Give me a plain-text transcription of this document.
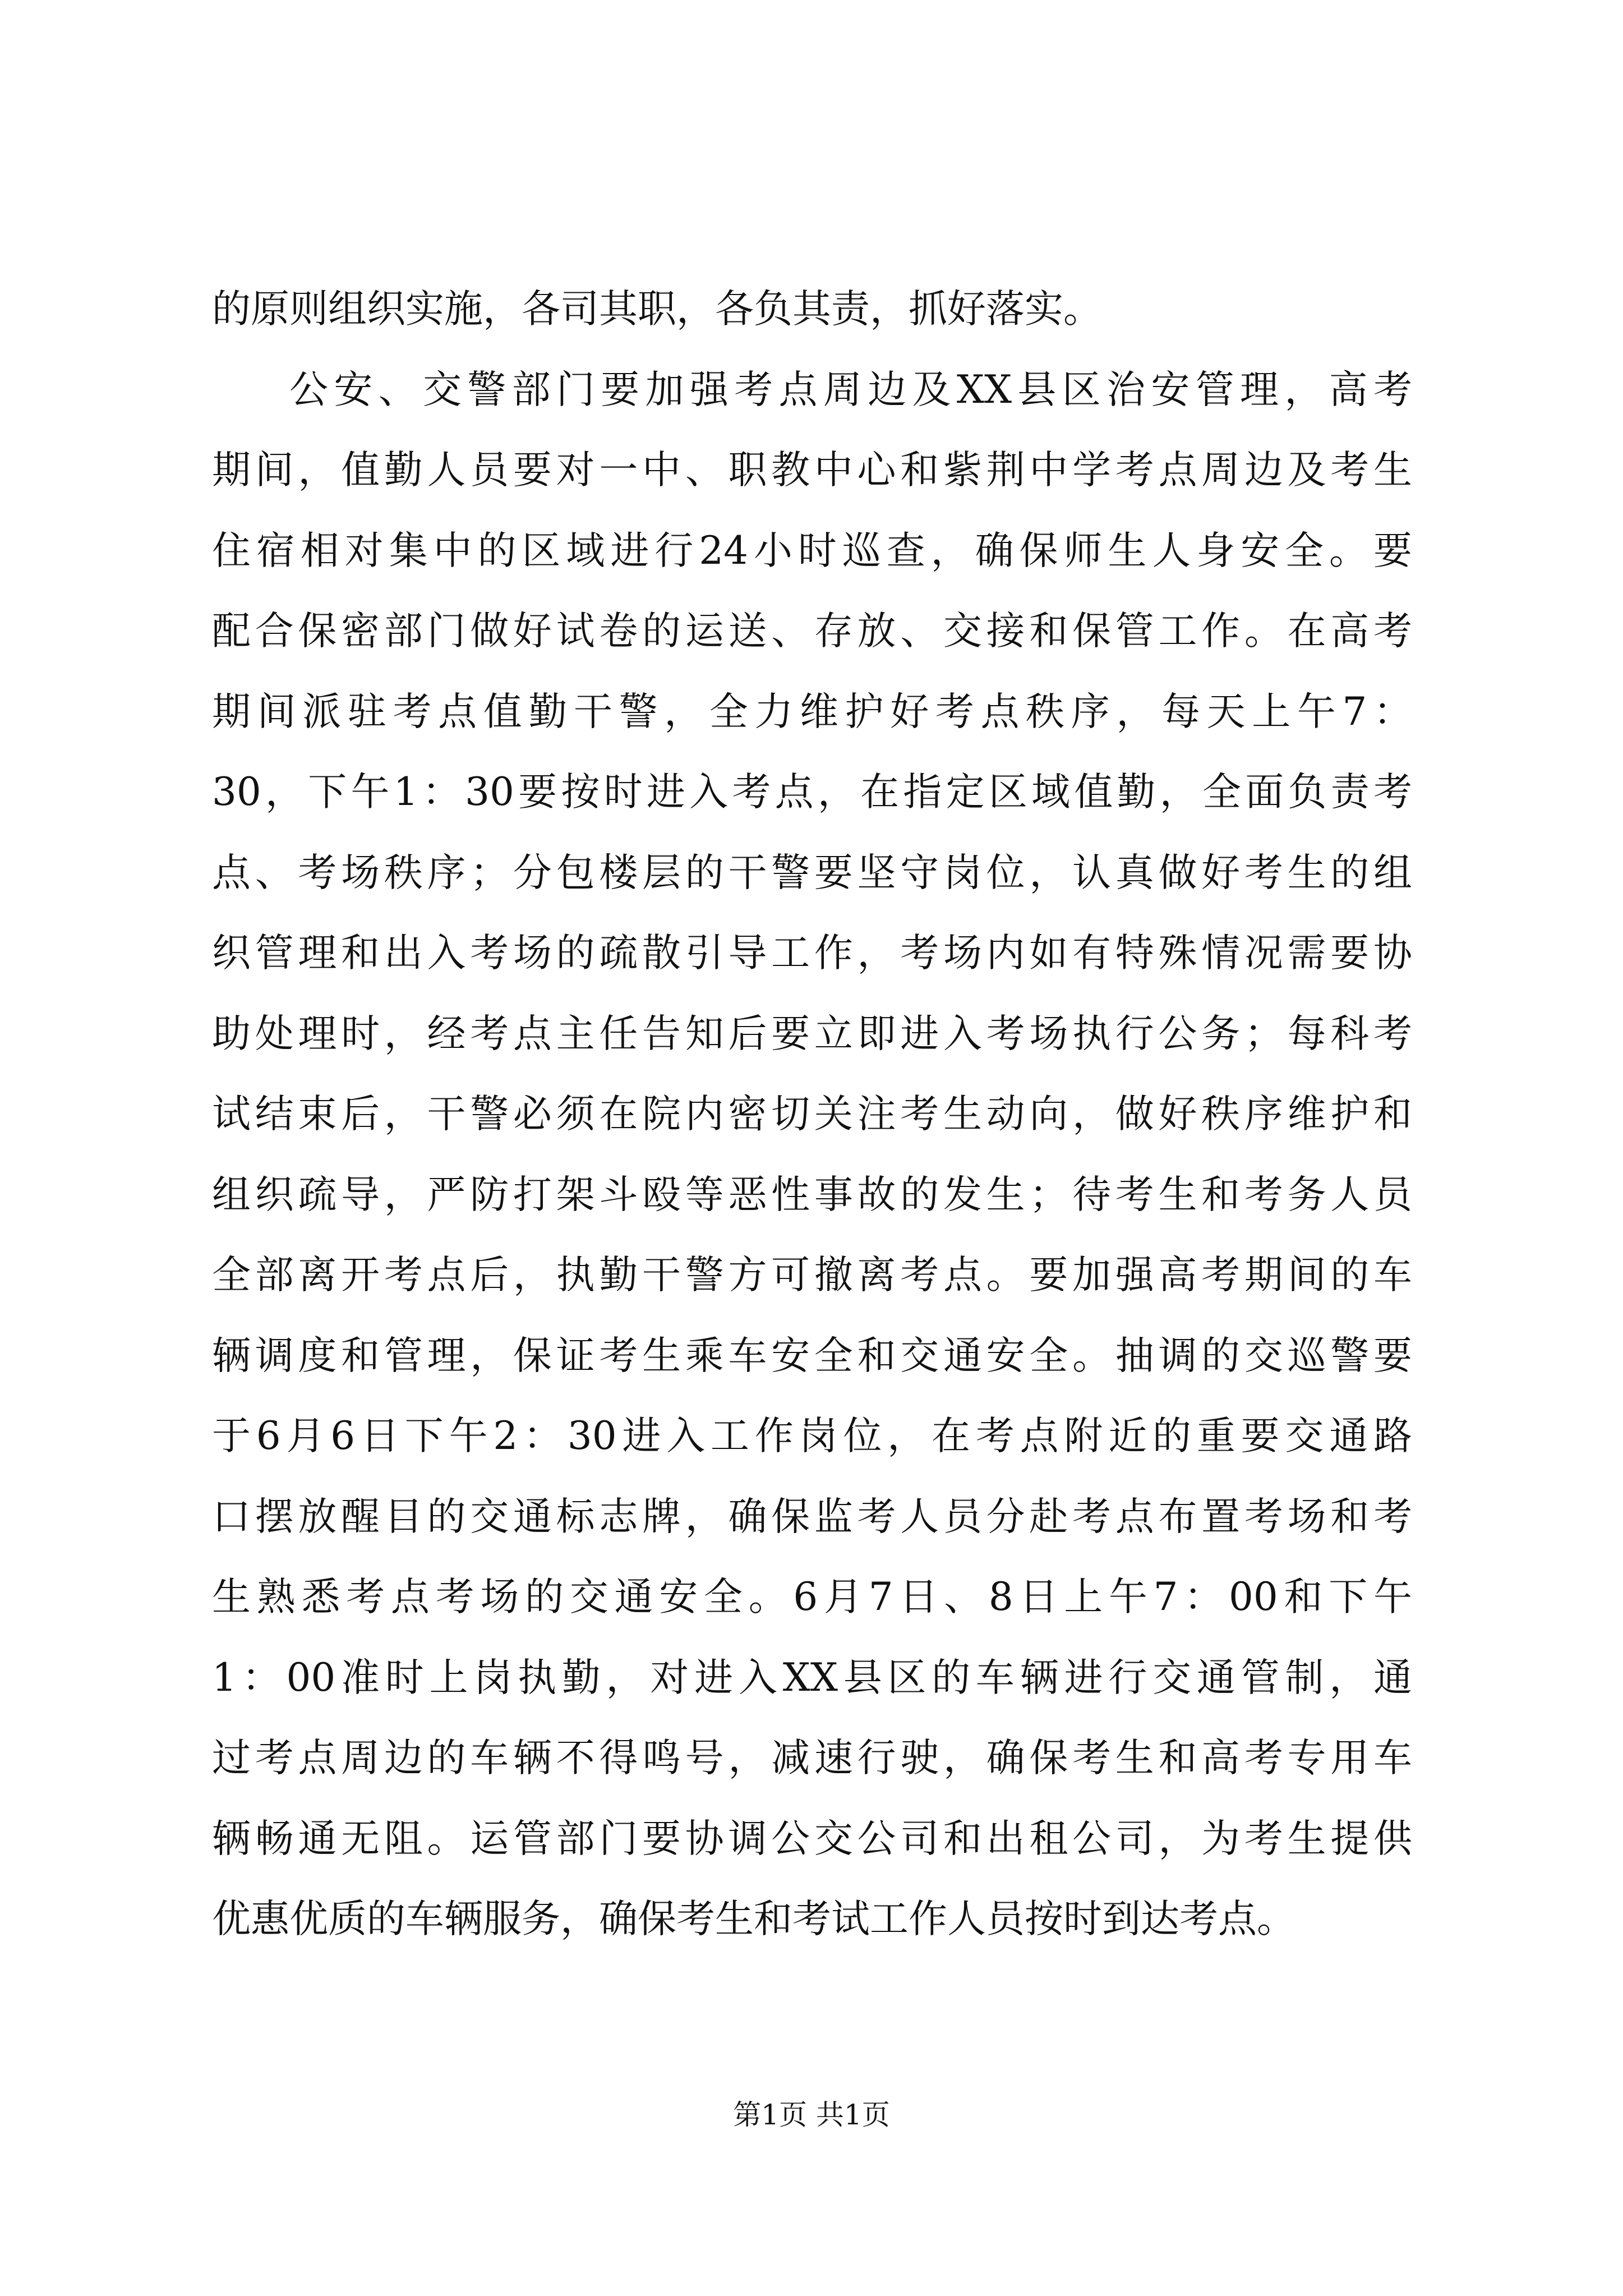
的原则组织实施，各司其职，各负其责，抓好落实。
公安、交警部门要加强考点周边及XX县区治安管理，高考
期间，值勤人员要对一中、职教中心和紫荆中学考点周边及考生
住宿相对集中的区域进行24小时巡查，确保师生人身安全。要
配合保密部门做好试卷的运送、存放、交接和保管工作。在高考
期间派驻考点值勤干警，全力维护好考点秩序，每天上午7：
30，下午1：30要按时进入考点，在指定区域值勤，全面负责考
点、考场秩序；分包楼层的干警要坚守岗位，认真做好考生的组
织管理和出入考场的疏散引导工作，考场内如有特殊情况需要协
助处理时，经考点主任告知后要立即进入考场执行公务；每科考
试结束后，干警必须在院内密切关注考生动向，做好秩序维护和
组织疏导，严防打架斗殴等恶性事故的发生；待考生和考务人员
全部离开考点后，执勤干警方可撤离考点。要加强高考期间的车
辆调度和管理，保证考生乘车安全和交通安全。抽调的交巡警要
于6月6日下午2：30进入工作岗位，在考点附近的重要交通路
口摆放醒目的交通标志牌，确保监考人员分赴考点布置考场和考
生熟悉考点考场的交通安全。6月7日、8日上午7：00和下午
1：00准时上岗执勤，对进入XX县区的车辆进行交通管制，通
过考点周边的车辆不得鸣号，减速行驶，确保考生和高考专用车
辆畅通无阻。运管部门要协调公交公司和出租公司，为考生提供
优惠优质的车辆服务，确保考生和考试工作人员按时到达考点。
第1页 共1页
